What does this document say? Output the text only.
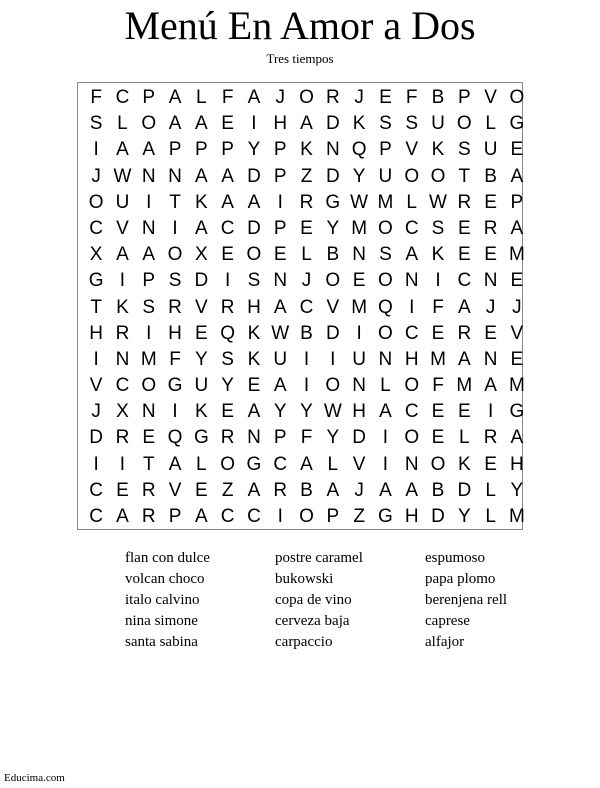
Menú En Amor a Dos
Tres tiempos
F C P A L F A J O R J E F B P V O
S L O A A E I H A D K S S U O L G
I A A P P P Y P K N Q P V K S U E
J W N N A A D P Z D Y U O O T B A
O U I T K A A I R G W M L W R E P
C V N I A C D P E Y M O C S E R A
X A A O X E O E L B N S A K E E M
G I P S D I S N J O E O N I C N E
T K S R V R H A C V M Q I F A J J
H R I H E Q K W B D I O C E R E V
I N M F Y S K U I	I U N H M A N E
V C O G U Y E A I O N L O F M A M
J X N I K E A Y Y W H A C E E I G
D R E Q G R N P F Y D I O E L R A
I	I T A L O G C A L V I N O K E H
C E R V E Z A R B A J A A B D L Y
C A R P A C C I O P Z G H D Y L M
flan con dulce
volcan choco
italo calvino
nina simone
santa sabina
postre caramel
bukowski
copa de vino
cerveza baja
carpaccio
espumoso
papa plomo
berenjena rell
caprese
alfajor
Educima.com
